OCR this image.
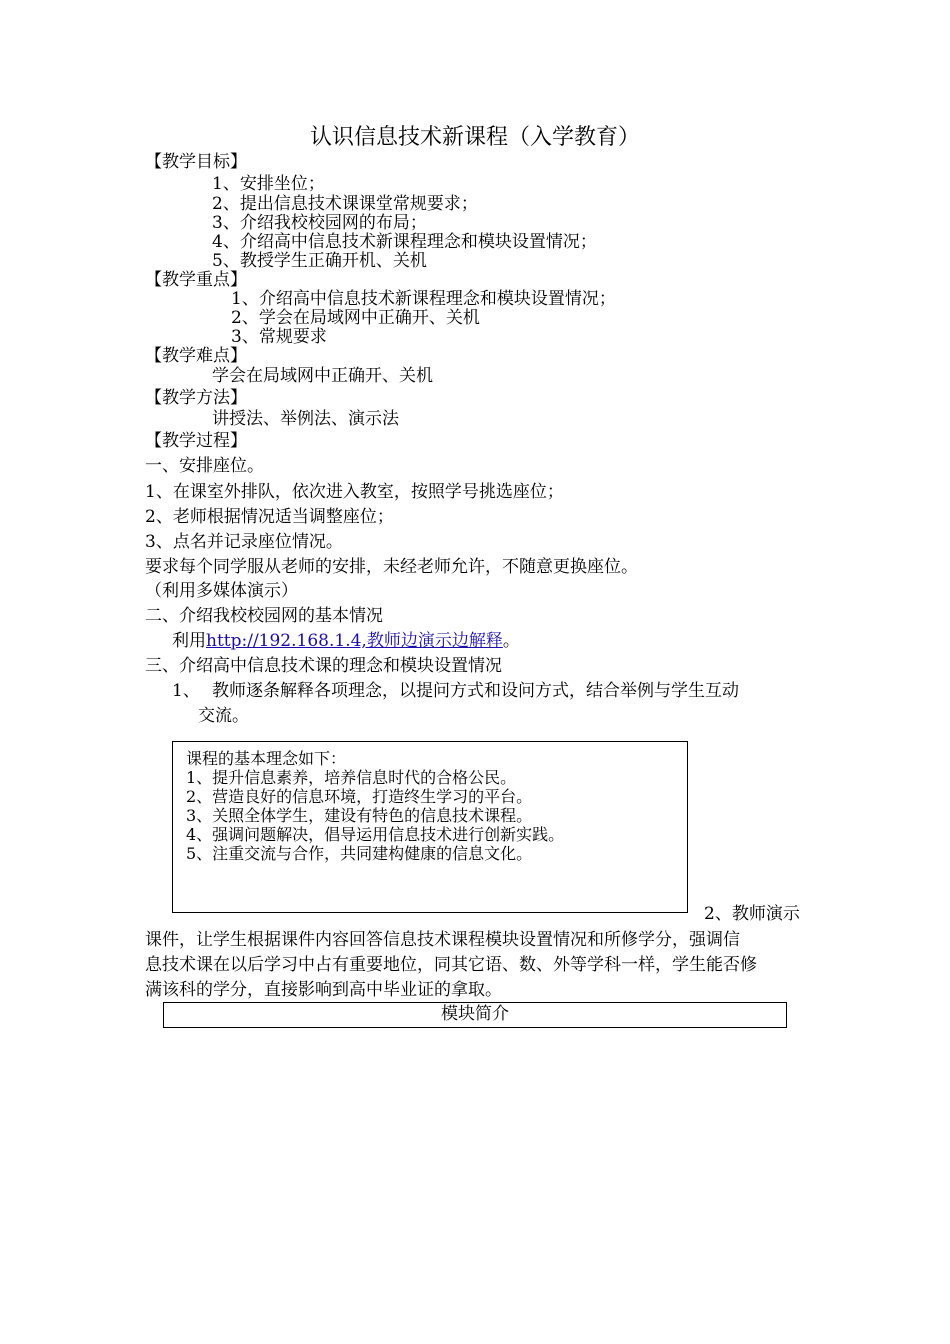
认识信息技术新课程（入学教育）
【教学目标】
1、安排坐位；
2、提出信息技术课课堂常规要求；
3、介绍我校校园网的布局；
4、介绍高中信息技术新课程理念和模块设置情况；
5、教授学生正确开机、关机
【教学重点】
1、介绍高中信息技术新课程理念和模块设置情况；
2、学会在局域网中正确开、关机
3、常规要求
【教学难点】
学会在局域网中正确开、关机
【教学方法】
讲授法、举例法、演示法
【教学过程】
一、安排座位。
1、在课室外排队，依次进入教室，按照学号挑选座位；
2、老师根据情况适当调整座位；
3、点名并记录座位情况。
要求每个同学服从老师的安排，未经老师允许，不随意更换座位。
（利用多媒体演示）
二、介绍我校校园网的基本情况
利用http://192.168.1.4,教师边演示边解释。
三、介绍高中信息技术课的理念和模块设置情况
1、 教师逐条解释各项理念，以提问方式和设问方式，结合举例与学生互动
交流。
课程的基本理念如下：
1、提升信息素养，培养信息时代的合格公民。
2、营造良好的信息环境，打造终生学习的平台。
3、关照全体学生，建设有特色的信息技术课程。
4、强调问题解决，倡导运用信息技术进行创新实践。
5、注重交流与合作，共同建构健康的信息文化。
2、教师演示
课件，让学生根据课件内容回答信息技术课程模块设置情况和所修学分，强调信
息技术课在以后学习中占有重要地位，同其它语、数、外等学科一样，学生能否修
满该科的学分，直接影响到高中毕业证的拿取。
模块简介
